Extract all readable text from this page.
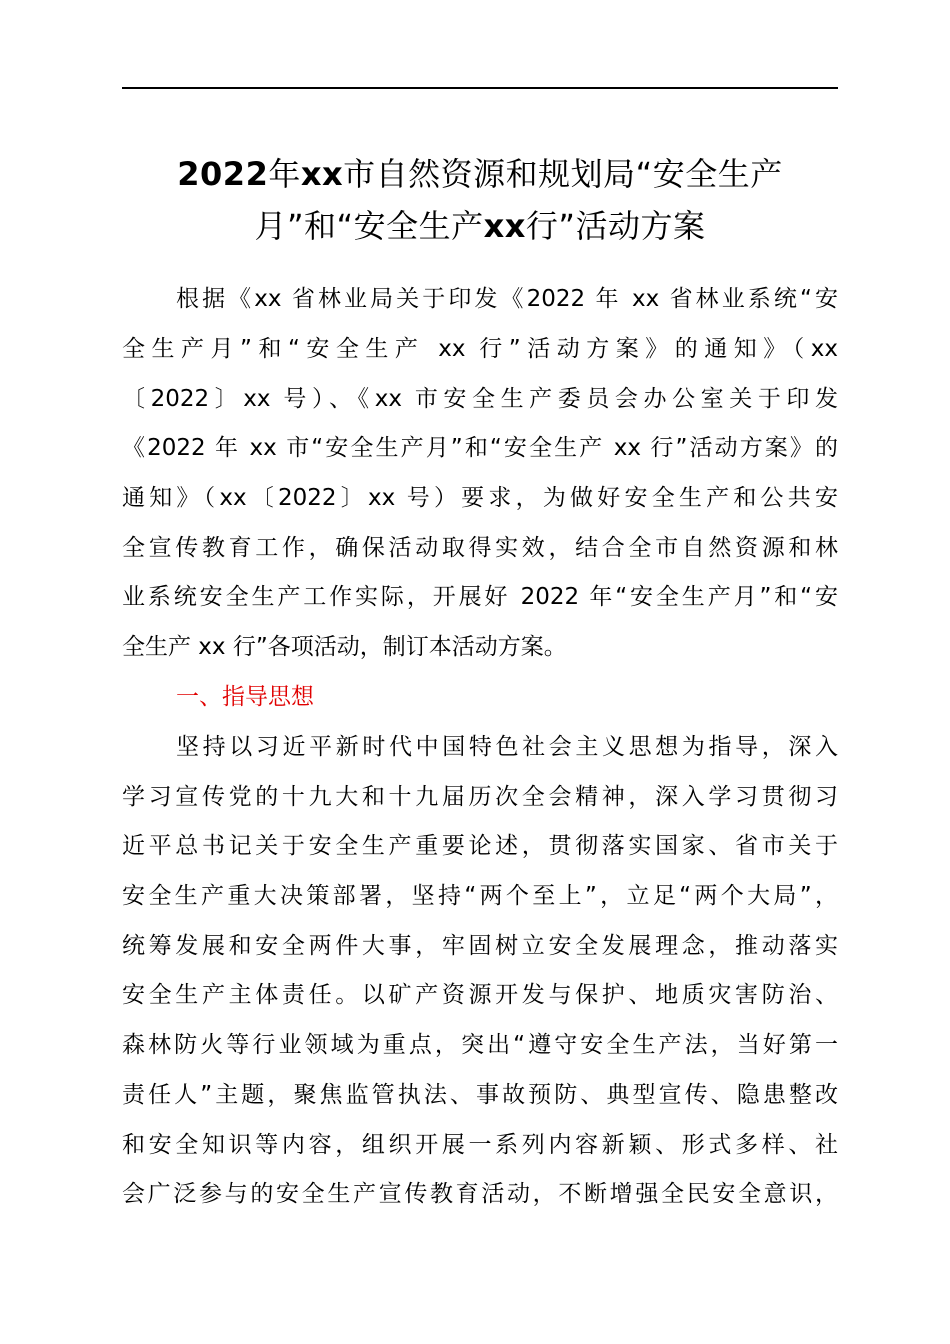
2022年xx市自然资源和规划局“安全生产
月”和“安全生产xx行”活动方案

根据《xx 省林业局关于印发《2022 年 xx 省林业系统“安

全生产月”和“安全生产 xx 行”活动方案》的通知》（xx

〔2022〕xx 号）、《xx 市安全生产委员会办公室关于印发

《2022 年 xx 市“安全生产月”和“安全生产 xx 行”活动方案》的

通知》（xx〔2022〕xx 号）要求，为做好安全生产和公共安

全宣传教育工作，确保活动取得实效，结合全市自然资源和林

业系统安全生产工作实际，开展好 2022 年“安全生产月”和“安

全生产 xx 行”各项活动，制订本活动方案。

一、指导思想

坚持以习近平新时代中国特色社会主义思想为指导，深入

学习宣传党的十九大和十九届历次全会精神，深入学习贯彻习

近平总书记关于安全生产重要论述，贯彻落实国家、省市关于

安全生产重大决策部署，坚持“两个至上”，立足“两个大局”，

统筹发展和安全两件大事，牢固树立安全发展理念，推动落实

安全生产主体责任。以矿产资源开发与保护、地质灾害防治、

森林防火等行业领域为重点，突出“遵守安全生产法，当好第一

责任人”主题，聚焦监管执法、事故预防、典型宣传、隐患整改

和安全知识等内容，组织开展一系列内容新颖、形式多样、社

会广泛参与的安全生产宣传教育活动，不断增强全民安全意识，
